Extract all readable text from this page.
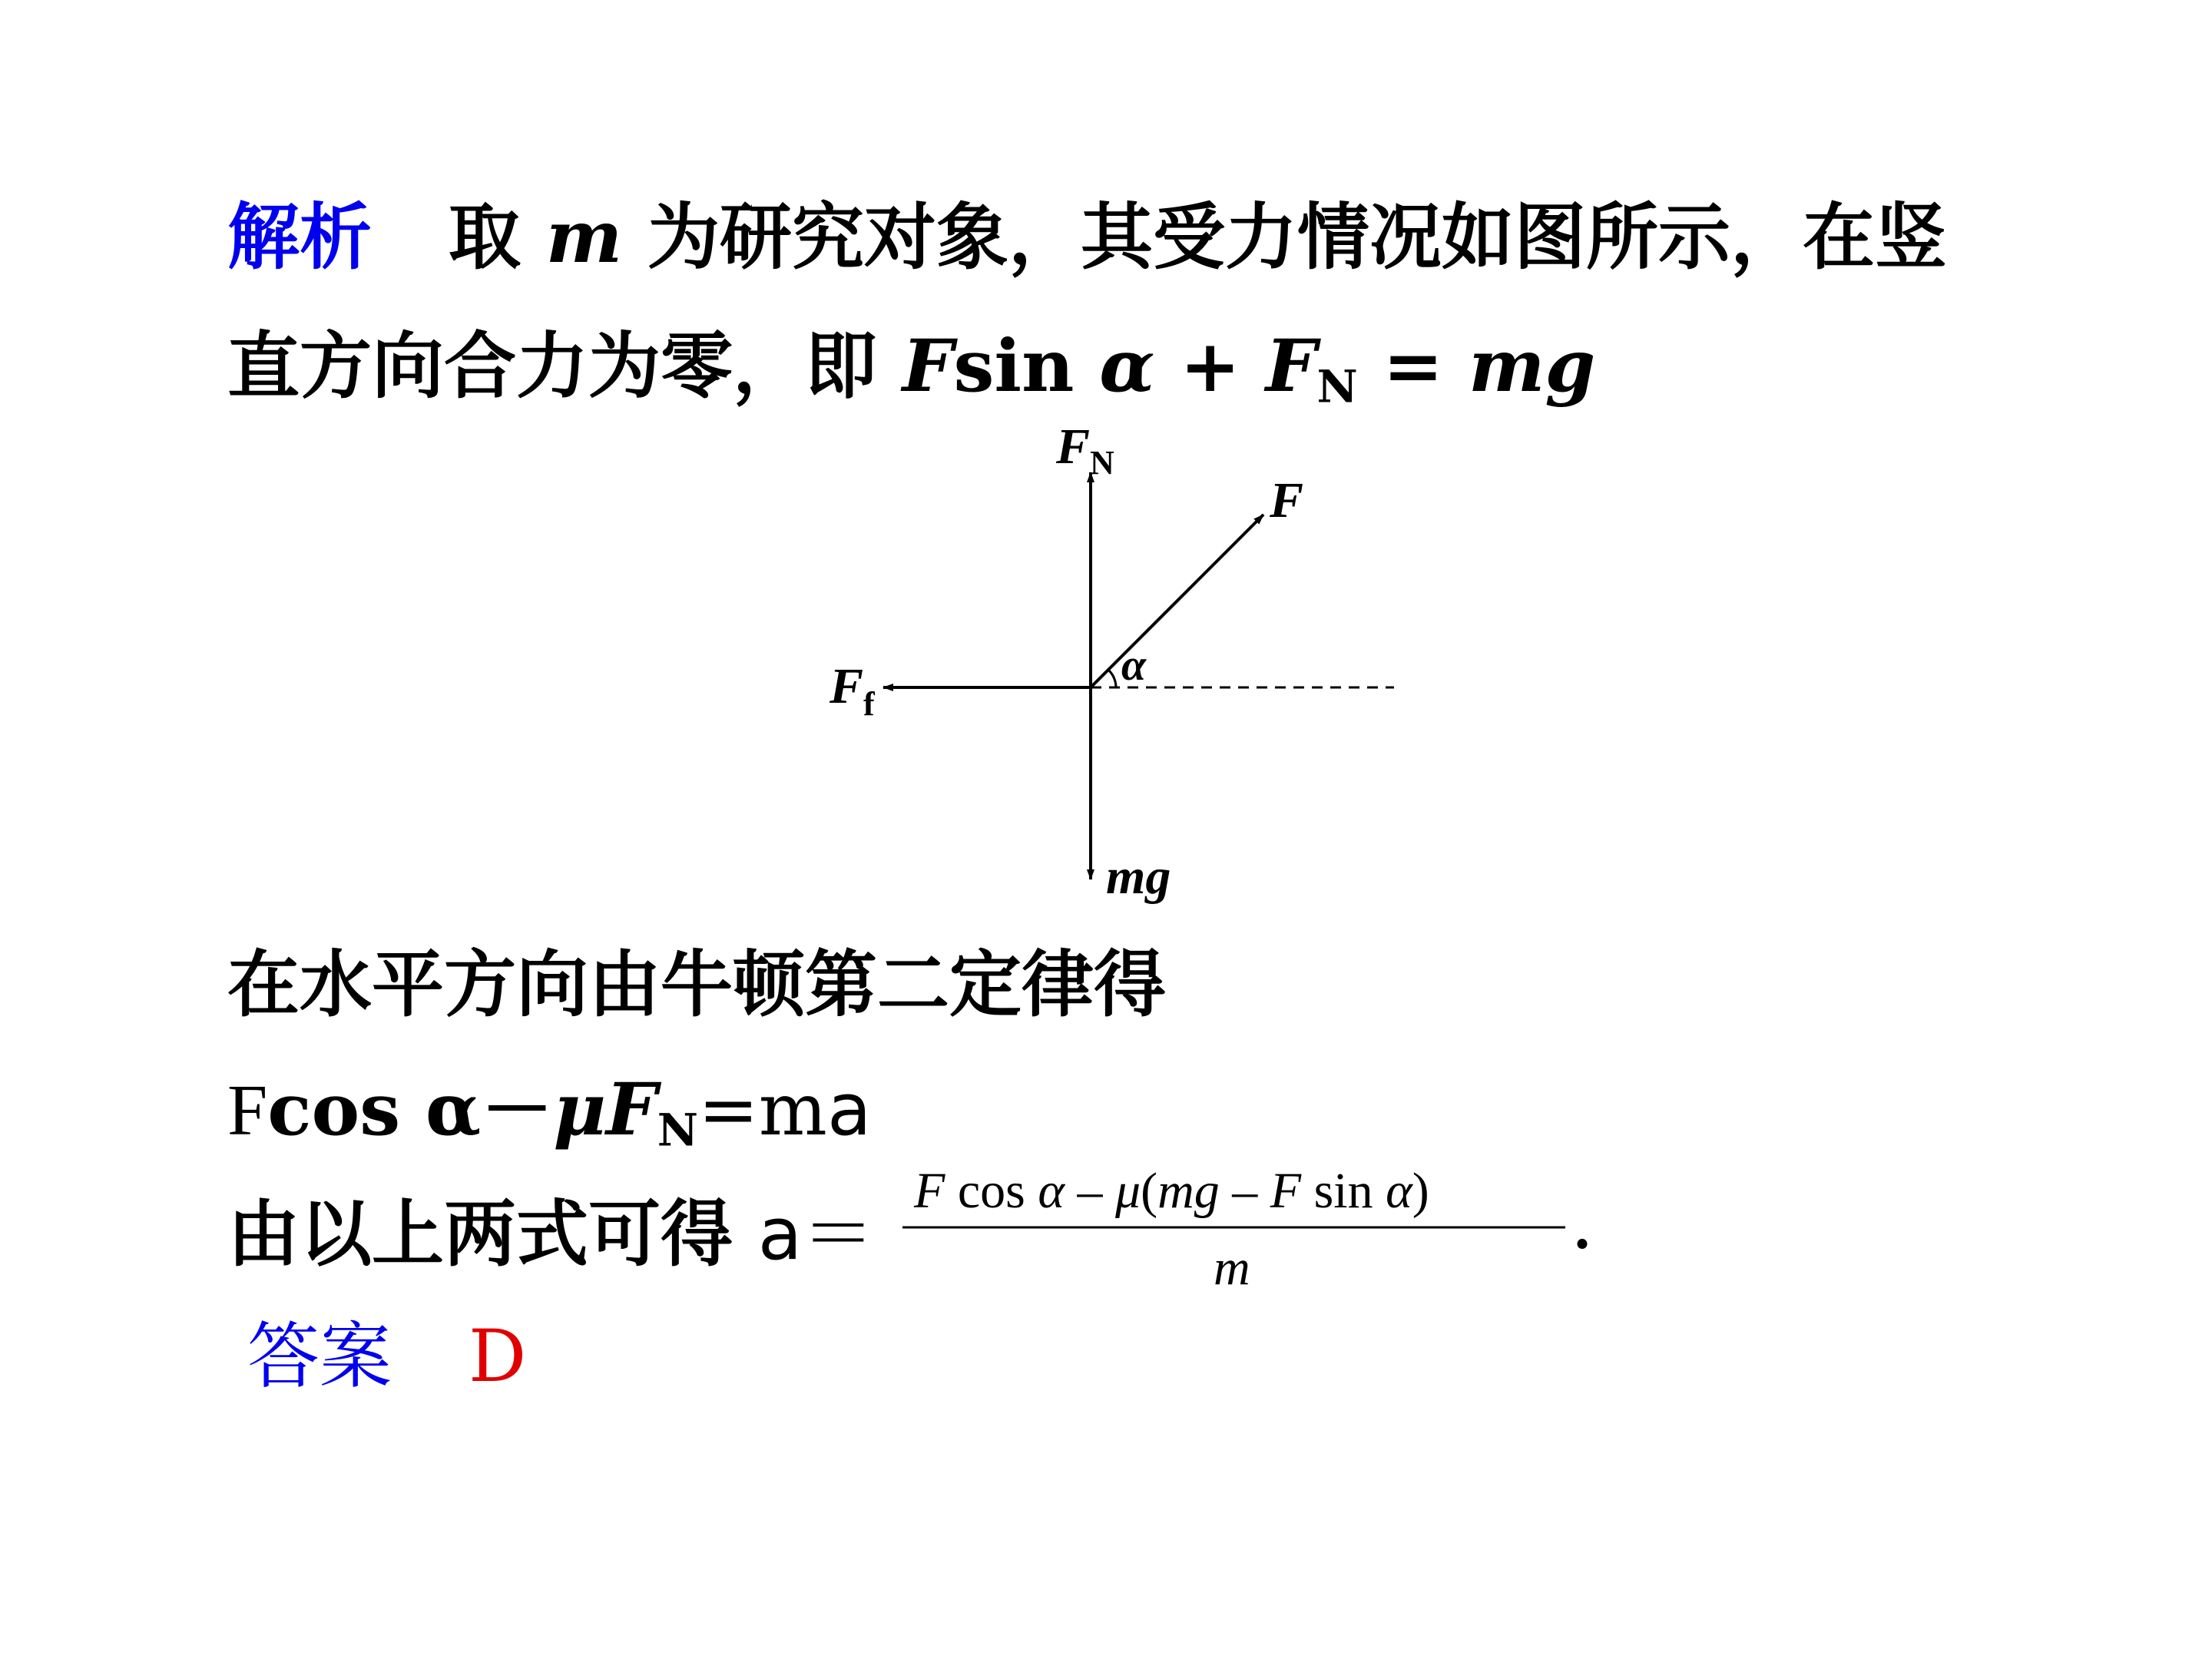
解析 取 m 为研究对象，其受力情况如图所示，在竖
直方向合力为零，即 Fsin $\alpha + F_N$ = mg
$F_N$
F
α
$F_f$
mg
在水平方向由牛顿第二定律得
Fcos $\alpha-\mu F_N=ma$
由以上两式可得 a＝
F cos α – μ(mg – F sin α)
m
.
答案 D
